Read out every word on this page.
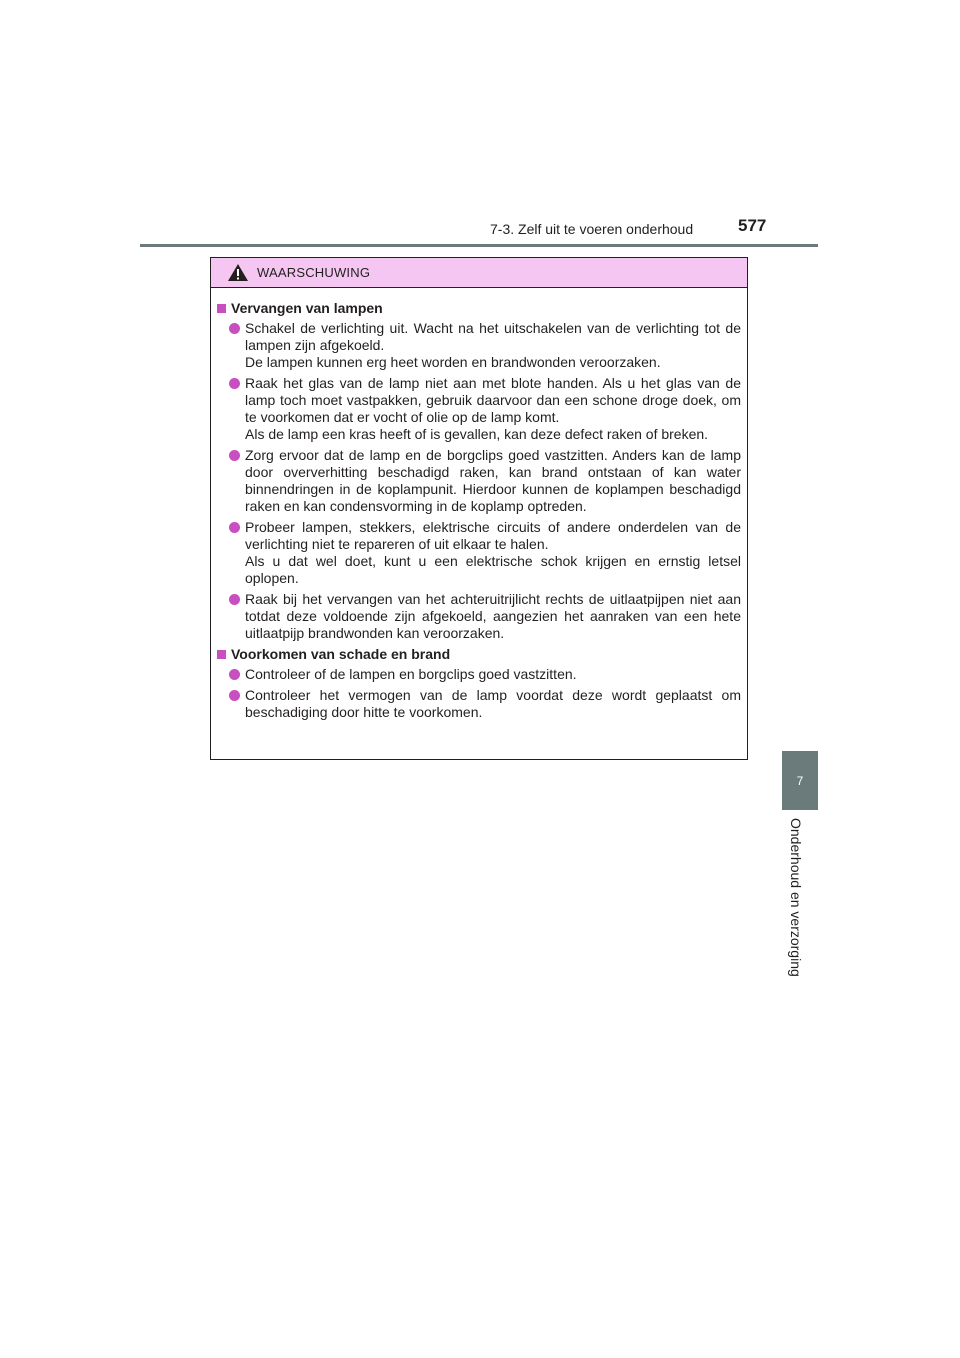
7-3. Zelf uit te voeren onderhoud	577
7
Onderhoud en verzorging
WAARSCHUWING
Vervangen van lampen
Schakel de verlichting uit. Wacht na het uitschakelen van de verlichting tot de lampen zijn afgekoeld.
De lampen kunnen erg heet worden en brandwonden veroorzaken.
Raak het glas van de lamp niet aan met blote handen. Als u het glas van de lamp toch moet vastpakken, gebruik daarvoor dan een schone droge doek, om te voorkomen dat er vocht of olie op de lamp komt.
Als de lamp een kras heeft of is gevallen, kan deze defect raken of breken.
Zorg ervoor dat de lamp en de borgclips goed vastzitten. Anders kan de lamp door oververhitting beschadigd raken, kan brand ontstaan of kan water binnendringen in de koplampunit. Hierdoor kunnen de koplampen beschadigd raken en kan condensvorming in de koplamp optreden.
Probeer lampen, stekkers, elektrische circuits of andere onderdelen van de verlichting niet te repareren of uit elkaar te halen.
Als u dat wel doet, kunt u een elektrische schok krijgen en ernstig letsel oplopen.
Raak bij het vervangen van het achteruitrijlicht rechts de uitlaatpijpen niet aan totdat deze voldoende zijn afgekoeld, aangezien het aanraken van een hete uitlaatpijp brandwonden kan veroorzaken.
Voorkomen van schade en brand
Controleer of de lampen en borgclips goed vastzitten.
Controleer het vermogen van de lamp voordat deze wordt geplaatst om beschadiging door hitte te voorkomen.
